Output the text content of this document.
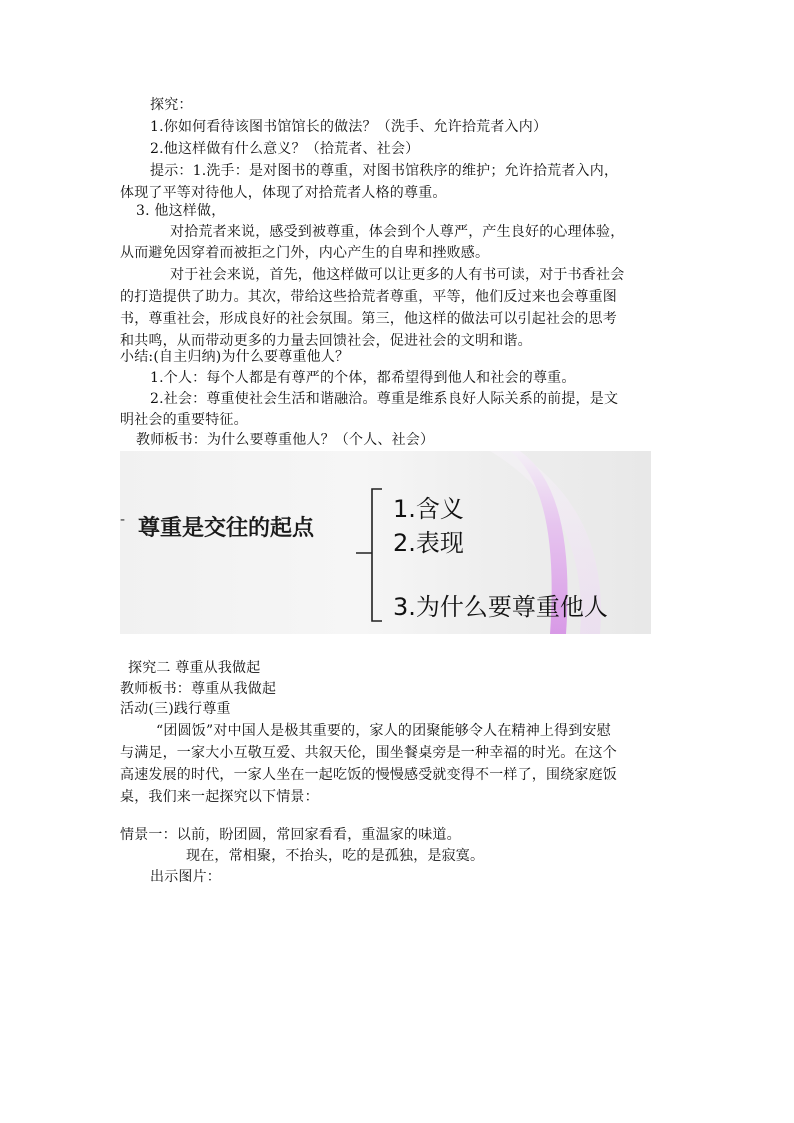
探究：
1.你如何看待该图书馆馆长的做法？（洗手、允许拾荒者入内）
2.他这样做有什么意义？（拾荒者、社会）
提示：1.洗手：是对图书的尊重，对图书馆秩序的维护；允许拾荒者入内，
体现了平等对待他人，体现了对拾荒者人格的尊重。
3. 他这样做，
对拾荒者来说，感受到被尊重，体会到个人尊严，产生良好的心理体验，
从而避免因穿着而被拒之门外，内心产生的自卑和挫败感。
对于社会来说，首先，他这样做可以让更多的人有书可读，对于书香社会
的打造提供了助力。其次，带给这些拾荒者尊重，平等，他们反过来也会尊重图
书，尊重社会，形成良好的社会氛围。第三，他这样的做法可以引起社会的思考
和共鸣，从而带动更多的力量去回馈社会，促进社会的文明和谐。
小结:(自主归纳)为什么要尊重他人？
1.个人：每个人都是有尊严的个体，都希望得到他人和社会的尊重。
2.社会：尊重使社会生活和谐融洽。尊重是维系良好人际关系的前提，是文
明社会的重要特征。
教师板书：为什么要尊重他人？（个人、社会）
- 尊重是交往的起点
1.含义
2.表现
3.为什么要尊重他人
探究二 尊重从我做起
教师板书：尊重从我做起
活动(三)践行尊重
“团圆饭”对中国人是极其重要的，家人的团聚能够令人在精神上得到安慰
与满足，一家大小互敬互爱、共叙天伦，围坐餐桌旁是一种幸福的时光。在这个
高速发展的时代，一家人坐在一起吃饭的慢慢感受就变得不一样了，围绕家庭饭
桌，我们来一起探究以下情景：
情景一：以前，盼团圆，常回家看看，重温家的味道。
现在，常相聚，不抬头，吃的是孤独，是寂寞。
出示图片：
